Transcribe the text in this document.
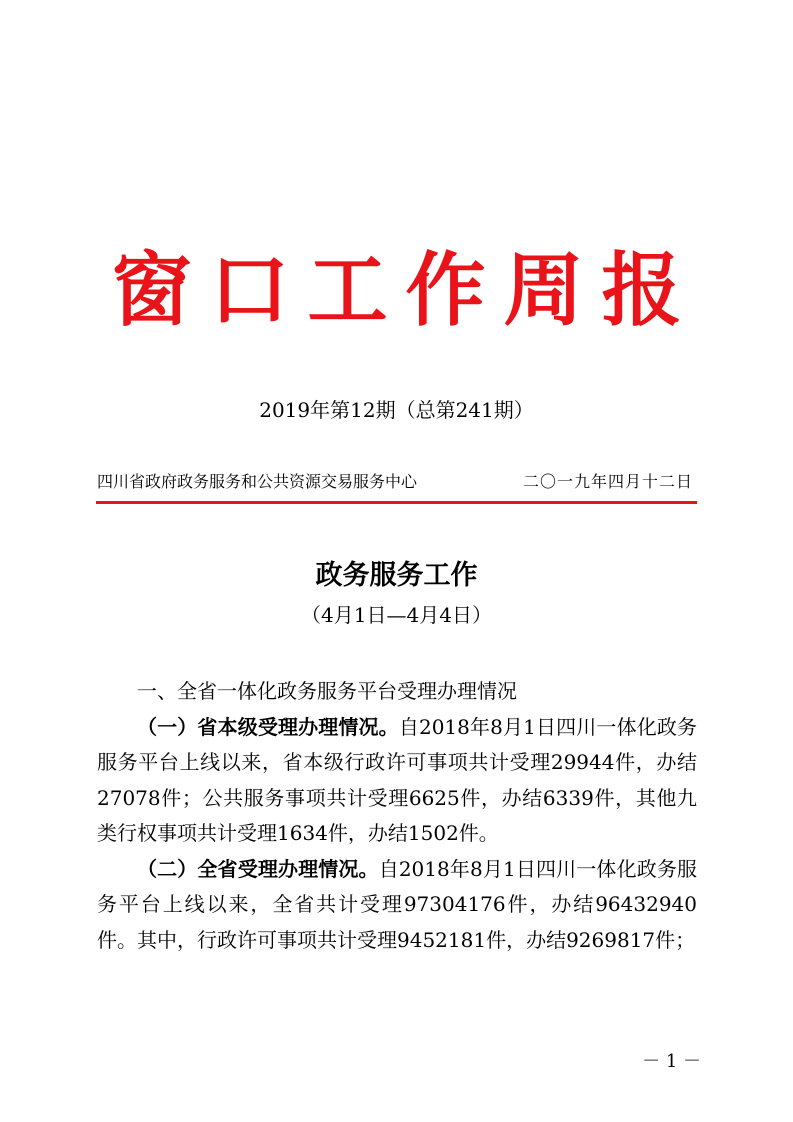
窗口工作周报
2019年第12期（总第241期）
四川省政府政务服务和公共资源交易服务中心	二〇一九年四月十二日
政务服务工作
（4月1日—4月4日）

一、全省一体化政务服务平台受理办理情况

（一）省本级受理办理情况。自2018年8月1日四川一体化政务服务平台上线以来，省本级行政许可事项共计受理29944件，办结27078件；公共服务事项共计受理6625件，办结6339件，其他九类行权事项共计受理1634件，办结1502件。

（二）全省受理办理情况。自2018年8月1日四川一体化政务服务平台上线以来，全省共计受理97304176件，办结96432940件。其中，行政许可事项共计受理9452181件，办结9269817件；

－ 1 －
